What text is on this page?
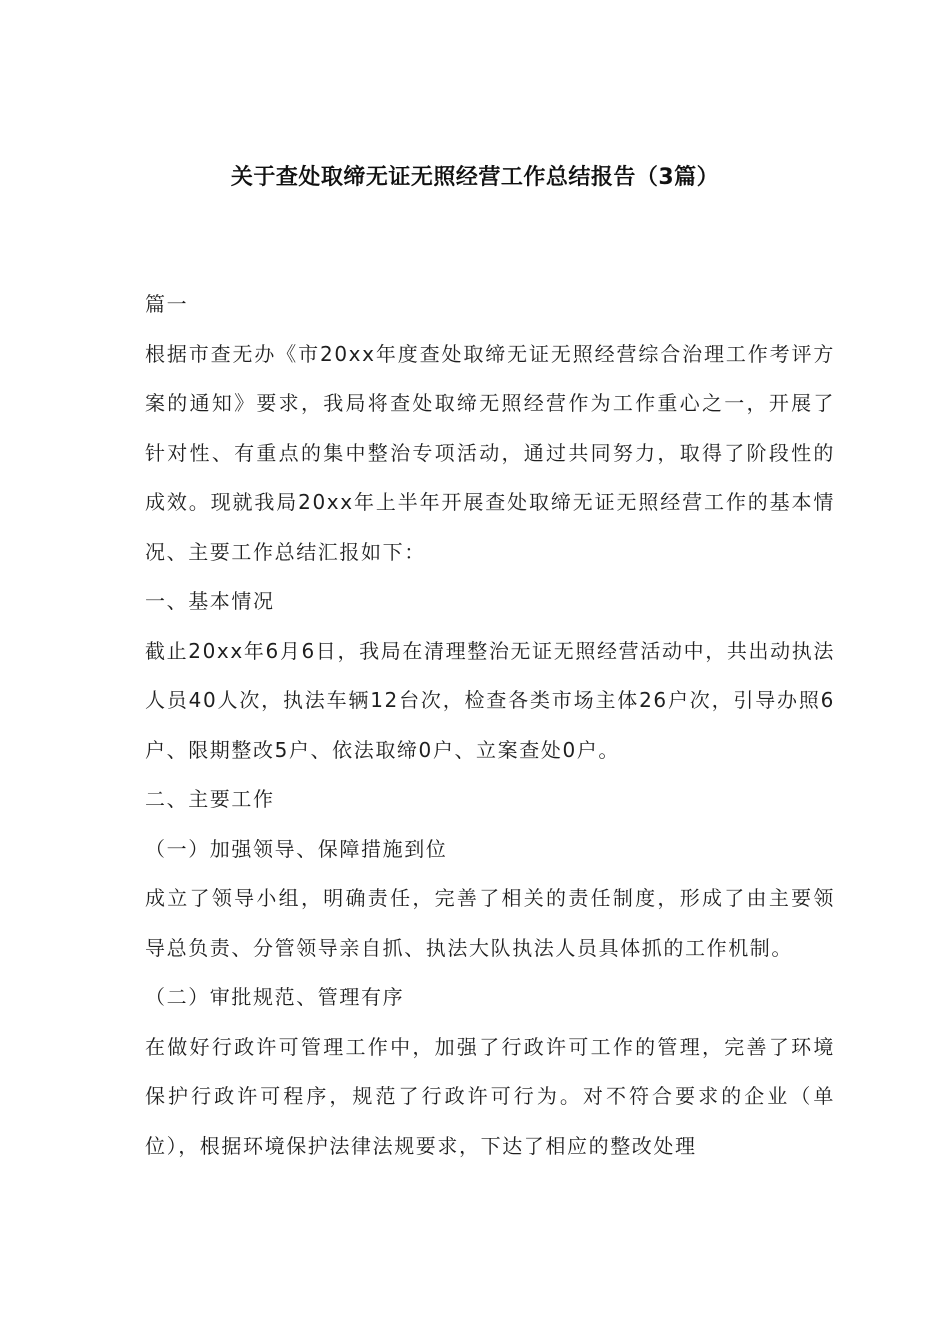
关于查处取缔无证无照经营工作总结报告（3篇）

篇一

根据市查无办《市20xx年度查处取缔无证无照经营综合治理工作考评方案的通知》要求，我局将查处取缔无照经营作为工作重心之一，开展了针对性、有重点的集中整治专项活动，通过共同努力，取得了阶段性的成效。现就我局20xx年上半年开展查处取缔无证无照经营工作的基本情况、主要工作总结汇报如下：

一、基本情况

截止20xx年6月6日，我局在清理整治无证无照经营活动中，共出动执法人员40人次，执法车辆12台次，检查各类市场主体26户次，引导办照6户、限期整改5户、依法取缔0户、立案查处0户。

二、主要工作

（一）加强领导、保障措施到位

成立了领导小组，明确责任，完善了相关的责任制度，形成了由主要领导总负责、分管领导亲自抓、执法大队执法人员具体抓的工作机制。

（二）审批规范、管理有序

在做好行政许可管理工作中，加强了行政许可工作的管理，完善了环境保护行政许可程序，规范了行政许可行为。对不符合要求的企业（单位），根据环境保护法律法规要求，下达了相应的整改处理
